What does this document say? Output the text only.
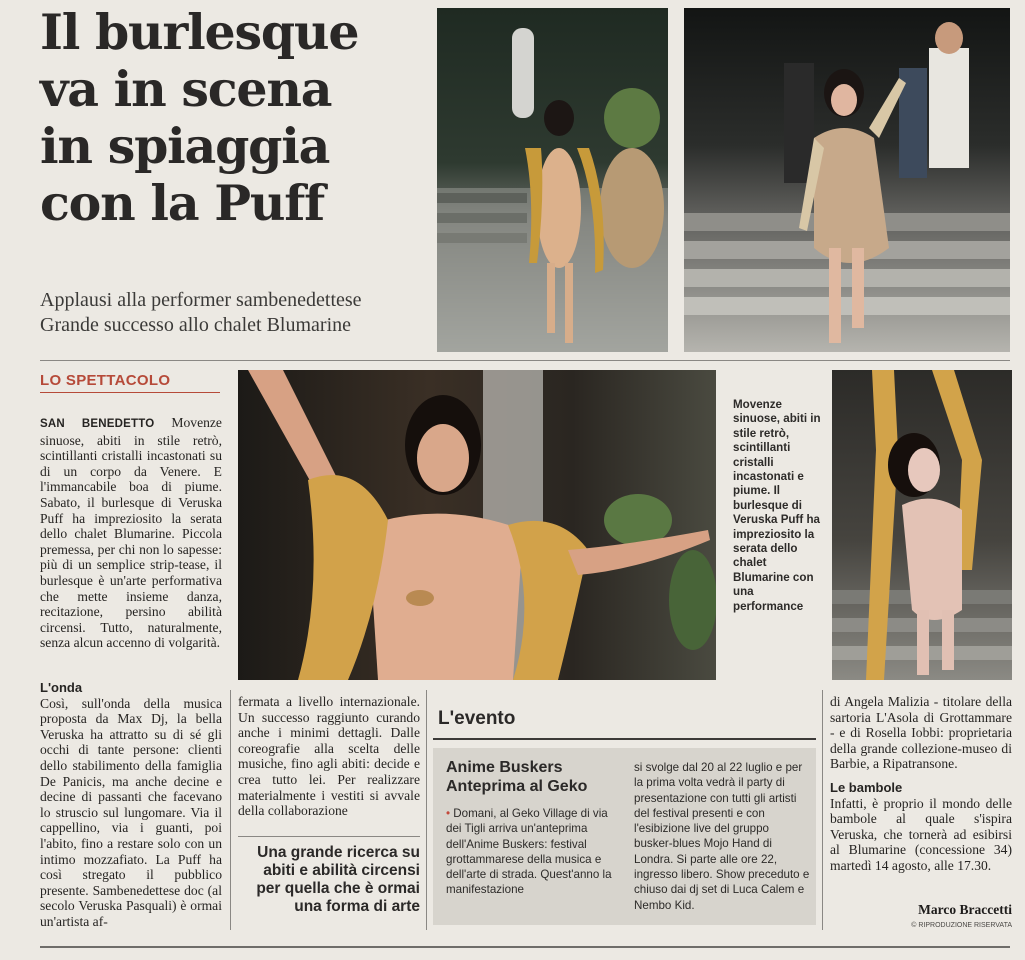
Il burlesque
va in scena
in spiaggia
con la Puff
Applausi alla performer sambenedettese
Grande successo allo chalet Blumarine
LO SPETTACOLO
SAN BENEDETTO Movenze sinuose, abiti in stile retrò, scintillanti cristalli incastonati su di un corpo da Venere. E l'immancabile boa di piume. Sabato, il burlesque di Veruska Puff ha impreziosito la serata dello chalet Blumarine. Piccola premessa, per chi non lo sapesse: più di un semplice strip-tease, il burlesque è un'arte performativa che mette insieme danza, recitazione, persino abilità circensi. Tutto, naturalmente, senza alcun accenno di volgarità.
L'onda
Così, sull'onda della musica proposta da Max Dj, la bella Veruska ha attratto su di sé gli occhi di tante persone: clienti dello stabilimento della famiglia De Panicis, ma anche decine e decine di passanti che facevano lo struscio sul lungomare. Via il cappellino, via i guanti, poi l'abito, fino a restare solo con un intimo mozzafiato. La Puff ha così stregato il pubblico presente. Sambenedettese doc (al secolo Veruska Pasquali) è ormai un'artista af-
fermata a livello internazionale. Un successo raggiunto curando anche i minimi dettagli. Dalle coreografie alla scelta delle musiche, fino agli abiti: decide e crea tutto lei. Per realizzare materialmente i vestiti si avvale della collaborazione
Una grande ricerca su abiti e abilità circensi per quella che è ormai una forma di arte
Movenze sinuose, abiti in stile retrò, scintillanti cristalli incastonati e piume. Il burlesque di Veruska Puff ha impreziosito la serata dello chalet Blumarine con una performance
L'evento
Anime Buskers Anteprima al Geko
• Domani, al Geko Village di via dei Tigli arriva un'anteprima dell'Anime Buskers: festival grottammarese della musica e dell'arte di strada. Quest'anno la manifestazione
si svolge dal 20 al 22 luglio e per la prima volta vedrà il party di presentazione con tutti gli artisti del festival presenti e con l'esibizione live del gruppo busker-blues Mojo Hand di Londra. Si parte alle ore 22, ingresso libero. Show preceduto e chiuso dai dj set di Luca Calem e Nembo Kid.
di Angela Malizia - titolare della sartoria L'Asola di Grottammare - e di Rosella Iobbi: proprietaria della grande collezione-museo di Barbie, a Ripatransone.
Le bambole
Infatti, è proprio il mondo delle bambole al quale s'ispira Veruska, che tornerà ad esibirsi al Blumarine (concessione 34) martedì 14 agosto, alle 17.30.
Marco Braccetti
© RIPRODUZIONE RISERVATA
